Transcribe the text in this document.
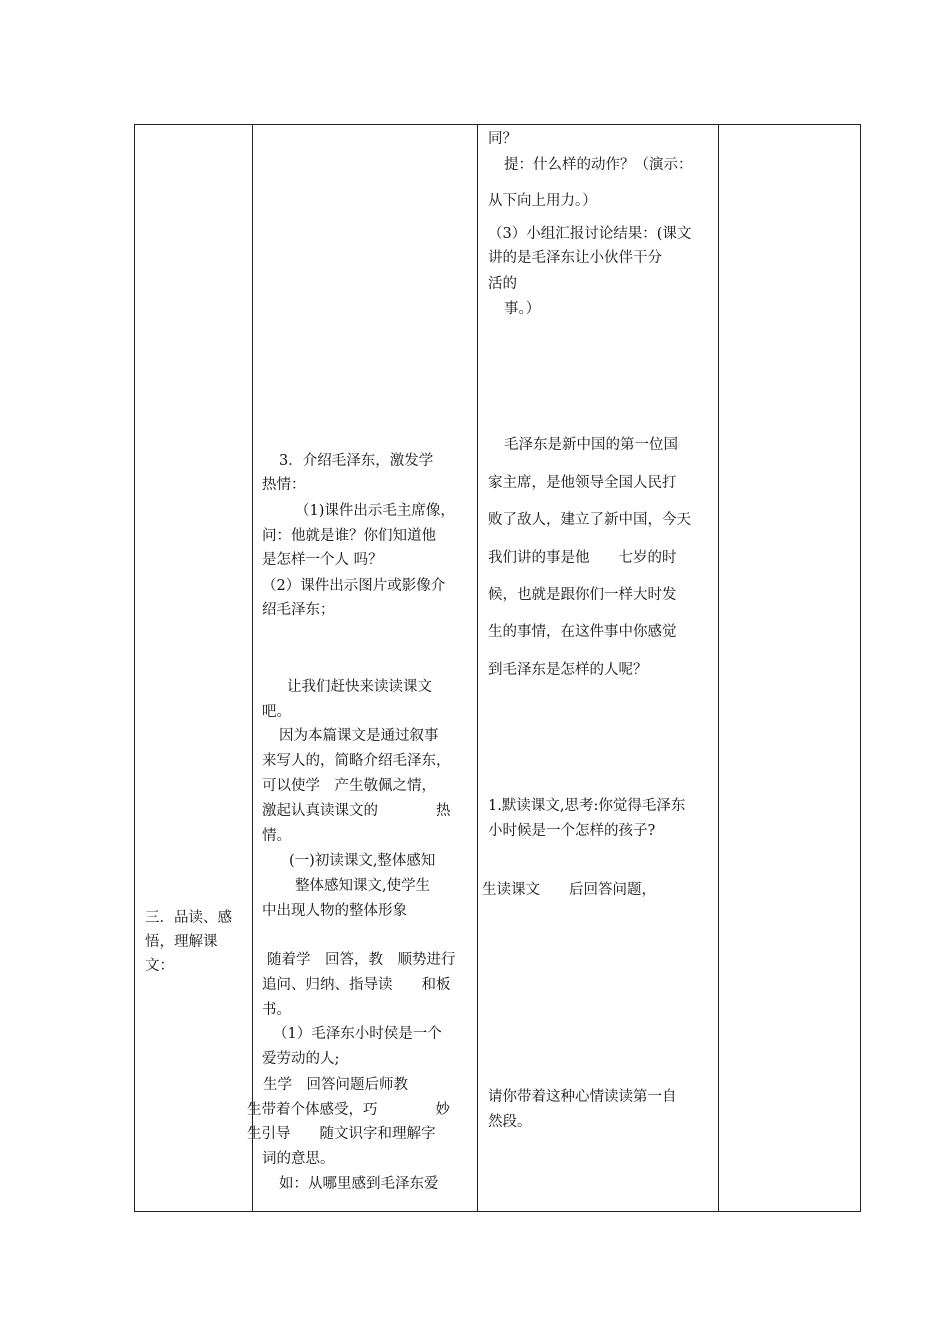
三．品读、感
悟，理解课
文：
3．介绍毛泽东，激发学
热情：
（1)课件出示毛主席像，
问：他就是谁？你们知道他
是怎样一个人 吗？
（2）课件出示图片或影像介
绍毛泽东；
让我们赶快来读读课文
吧。
因为本篇课文是通过叙事
来写人的，简略介绍毛泽东，
可以使学　产生敬佩之情，
激起认真读课文的　　　　热
情。
(一)初读课文,整体感知
整体感知课文,使学生
中出现人物的整体形象
随着学　回答，教　顺势进行
追问、归纳、指导读　　和板
书。
（1）毛泽东小时侯是一个
爱劳动的人;
生学　回答问题后师教
生带着个体感受，巧　　　　妙
生引导　　随文识字和理解字
词的意思。
如：从哪里感到毛泽东爱
同？
提：什么样的动作？（演示：
从下向上用力。）
（3）小组汇报讨论结果：(课文
讲的是毛泽东让小伙伴干分
活的
事。）
毛泽东是新中国的第一位国
家主席，是他领导全国人民打
败了敌人，建立了新中国，今天
我们讲的事是他　　七岁的时
候，也就是跟你们一样大时发
生的事情，在这件事中你感觉
到毛泽东是怎样的人呢？
1.默读课文,思考:你觉得毛泽东
小时候是一个怎样的孩子?
生读课文　　后回答问题，
请你带着这种心情读读第一自
然段。
